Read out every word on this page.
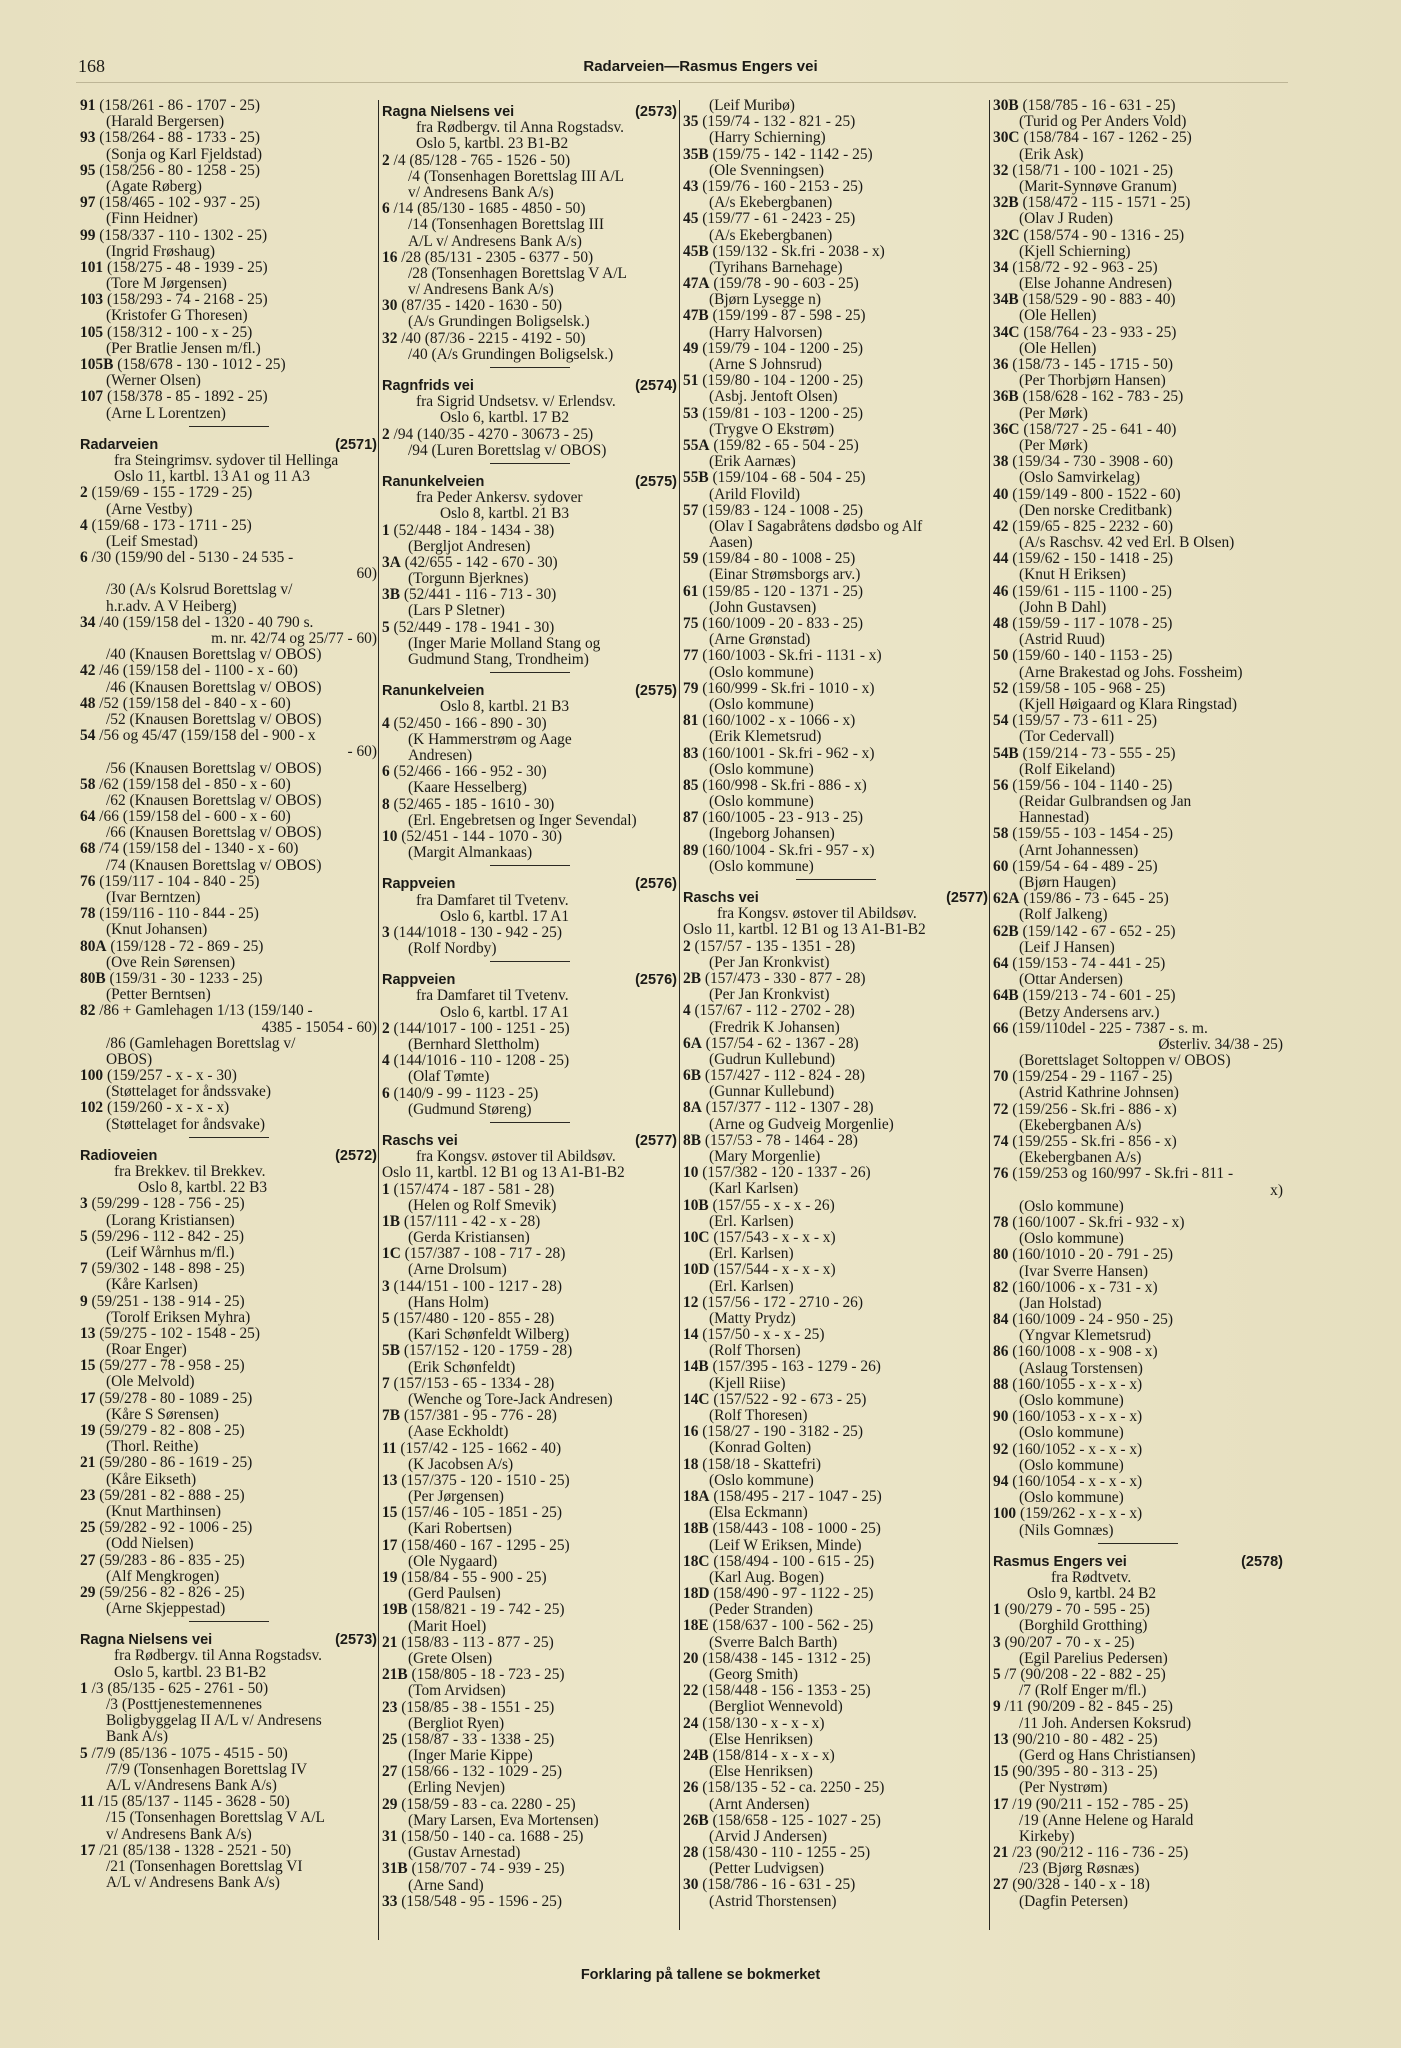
168	Radarveien—Rasmus Engers vei
91 (158/261 - 86 - 1707 - 25)
(Harald Bergersen)
93 (158/264 - 88 - 1733 - 25)
(Sonja og Karl Fjeldstad)
95 (158/256 - 80 - 1258 - 25)
(Agate Røberg)
97 (158/465 - 102 - 937 - 25)
(Finn Heidner)
99 (158/337 - 110 - 1302 - 25)
(Ingrid Frøshaug)
101 (158/275 - 48 - 1939 - 25)
(Tore M Jørgensen)
103 (158/293 - 74 - 2168 - 25)
(Kristofer G Thoresen)
105 (158/312 - 100 - x - 25)
(Per Bratlie Jensen m/fl.)
105B (158/678 - 130 - 1012 - 25)
(Werner Olsen)
107 (158/378 - 85 - 1892 - 25)
(Arne L Lorentzen)
Radarveien	(2571)
fra Steingrimsv. sydover til Hellinga
Oslo 11, kartbl. 13 A1 og 11 A3
2 (159/69 - 155 - 1729 - 25)
(Arne Vestby)
4 (159/68 - 173 - 1711 - 25)
(Leif Smestad)
6 /30 (159/90 del - 5130 - 24 535 -
60)
/30 (A/s Kolsrud Borettslag v/
h.r.adv. A V Heiberg)
34 /40 (159/158 del - 1320 - 40 790 s.
m. nr. 42/74 og 25/77 - 60)
/40 (Knausen Borettslag v/ OBOS)
42 /46 (159/158 del - 1100 - x - 60)
/46 (Knausen Borettslag v/ OBOS)
48 /52 (159/158 del - 840 - x - 60)
/52 (Knausen Borettslag v/ OBOS)
54 /56 og 45/47 (159/158 del - 900 - x
- 60)
/56 (Knausen Borettslag v/ OBOS)
58 /62 (159/158 del - 850 - x - 60)
/62 (Knausen Borettslag v/ OBOS)
64 /66 (159/158 del - 600 - x - 60)
/66 (Knausen Borettslag v/ OBOS)
68 /74 (159/158 del - 1340 - x - 60)
/74 (Knausen Borettslag v/ OBOS)
76 (159/117 - 104 - 840 - 25)
(Ivar Berntzen)
78 (159/116 - 110 - 844 - 25)
(Knut Johansen)
80A (159/128 - 72 - 869 - 25)
(Ove Rein Sørensen)
80B (159/31 - 30 - 1233 - 25)
(Petter Berntsen)
82 /86 + Gamlehagen 1/13 (159/140 -
4385 - 15054 - 60)
/86 (Gamlehagen Borettslag v/
OBOS)
100 (159/257 - x - x - 30)
(Støttelaget for åndssvake)
102 (159/260 - x - x - x)
(Støttelaget for åndsvake)
Radioveien	(2572)
fra Brekkev. til Brekkev.
Oslo 8, kartbl. 22 B3
3 (59/299 - 128 - 756 - 25)
(Lorang Kristiansen)
5 (59/296 - 112 - 842 - 25)
(Leif Wårnhus m/fl.)
7 (59/302 - 148 - 898 - 25)
(Kåre Karlsen)
9 (59/251 - 138 - 914 - 25)
(Torolf Eriksen Myhra)
13 (59/275 - 102 - 1548 - 25)
(Roar Enger)
15 (59/277 - 78 - 958 - 25)
(Ole Melvold)
17 (59/278 - 80 - 1089 - 25)
(Kåre S Sørensen)
19 (59/279 - 82 - 808 - 25)
(Thorl. Reithe)
21 (59/280 - 86 - 1619 - 25)
(Kåre Eikseth)
23 (59/281 - 82 - 888 - 25)
(Knut Marthinsen)
25 (59/282 - 92 - 1006 - 25)
(Odd Nielsen)
27 (59/283 - 86 - 835 - 25)
(Alf Mengkrogen)
29 (59/256 - 82 - 826 - 25)
(Arne Skjeppestad)
Ragna Nielsens vei	(2573)
fra Rødbergv. til Anna Rogstadsv.
Oslo 5, kartbl. 23 B1-B2
1 /3 (85/135 - 625 - 2761 - 50)
/3 (Posttjenestemennenes
Boligbyggelag II A/L v/ Andresens
Bank A/s)
5 /7/9 (85/136 - 1075 - 4515 - 50)
/7/9 (Tonsenhagen Borettslag IV
A/L v/Andresens Bank A/s)
11 /15 (85/137 - 1145 - 3628 - 50)
/15 (Tonsenhagen Borettslag V A/L
v/ Andresens Bank A/s)
17 /21 (85/138 - 1328 - 2521 - 50)
/21 (Tonsenhagen Borettslag VI
A/L v/ Andresens Bank A/s)
Ragna Nielsens vei	(2573)
fra Rødbergv. til Anna Rogstadsv.
Oslo 5, kartbl. 23 B1-B2
2 /4 (85/128 - 765 - 1526 - 50)
/4 (Tonsenhagen Borettslag III A/L
v/ Andresens Bank A/s)
6 /14 (85/130 - 1685 - 4850 - 50)
/14 (Tonsenhagen Borettslag III
A/L v/ Andresens Bank A/s)
16 /28 (85/131 - 2305 - 6377 - 50)
/28 (Tonsenhagen Borettslag V A/L
v/ Andresens Bank A/s)
30 (87/35 - 1420 - 1630 - 50)
(A/s Grundingen Boligselsk.)
32 /40 (87/36 - 2215 - 4192 - 50)
/40 (A/s Grundingen Boligselsk.)
Ragnfrids vei	(2574)
fra Sigrid Undsetsv. v/ Erlendsv.
Oslo 6, kartbl. 17 B2
2 /94 (140/35 - 4270 - 30673 - 25)
/94 (Luren Borettslag v/ OBOS)
Ranunkelveien	(2575)
fra Peder Ankersv. sydover
Oslo 8, kartbl. 21 B3
1 (52/448 - 184 - 1434 - 38)
(Bergljot Andresen)
3A (42/655 - 142 - 670 - 30)
(Torgunn Bjerknes)
3B (52/441 - 116 - 713 - 30)
(Lars P Sletner)
5 (52/449 - 178 - 1941 - 30)
(Inger Marie Molland Stang og
Gudmund Stang, Trondheim)
Ranunkelveien	(2575)
Oslo 8, kartbl. 21 B3
4 (52/450 - 166 - 890 - 30)
(K Hammerstrøm og Aage
Andresen)
6 (52/466 - 166 - 952 - 30)
(Kaare Hesselberg)
8 (52/465 - 185 - 1610 - 30)
(Erl. Engebretsen og Inger Sevendal)
10 (52/451 - 144 - 1070 - 30)
(Margit Almankaas)
Rappveien	(2576)
fra Damfaret til Tvetenv.
Oslo 6, kartbl. 17 A1
3 (144/1018 - 130 - 942 - 25)
(Rolf Nordby)
Rappveien	(2576)
fra Damfaret til Tvetenv.
Oslo 6, kartbl. 17 A1
2 (144/1017 - 100 - 1251 - 25)
(Bernhard Slettholm)
4 (144/1016 - 110 - 1208 - 25)
(Olaf Tømte)
6 (140/9 - 99 - 1123 - 25)
(Gudmund Støreng)
Raschs vei	(2577)
fra Kongsv. østover til Abildsøv.
Oslo 11, kartbl. 12 B1 og 13 A1-B1-B2
1 (157/474 - 187 - 581 - 28)
(Helen og Rolf Smevik)
1B (157/111 - 42 - x - 28)
(Gerda Kristiansen)
1C (157/387 - 108 - 717 - 28)
(Arne Drolsum)
3 (144/151 - 100 - 1217 - 28)
(Hans Holm)
5 (157/480 - 120 - 855 - 28)
(Kari Schønfeldt Wilberg)
5B (157/152 - 120 - 1759 - 28)
(Erik Schønfeldt)
7 (157/153 - 65 - 1334 - 28)
(Wenche og Tore-Jack Andresen)
7B (157/381 - 95 - 776 - 28)
(Aase Eckholdt)
11 (157/42 - 125 - 1662 - 40)
(K Jacobsen A/s)
13 (157/375 - 120 - 1510 - 25)
(Per Jørgensen)
15 (157/46 - 105 - 1851 - 25)
(Kari Robertsen)
17 (158/460 - 167 - 1295 - 25)
(Ole Nygaard)
19 (158/84 - 55 - 900 - 25)
(Gerd Paulsen)
19B (158/821 - 19 - 742 - 25)
(Marit Hoel)
21 (158/83 - 113 - 877 - 25)
(Grete Olsen)
21B (158/805 - 18 - 723 - 25)
(Tom Arvidsen)
23 (158/85 - 38 - 1551 - 25)
(Bergliot Ryen)
25 (158/87 - 33 - 1338 - 25)
(Inger Marie Kippe)
27 (158/66 - 132 - 1029 - 25)
(Erling Nevjen)
29 (158/59 - 83 - ca. 2280 - 25)
(Mary Larsen, Eva Mortensen)
31 (158/50 - 140 - ca. 1688 - 25)
(Gustav Arnestad)
31B (158/707 - 74 - 939 - 25)
(Arne Sand)
33 (158/548 - 95 - 1596 - 25)
(Leif Muribø)
35 (159/74 - 132 - 821 - 25)
(Harry Schierning)
35B (159/75 - 142 - 1142 - 25)
(Ole Svenningsen)
43 (159/76 - 160 - 2153 - 25)
(A/s Ekebergbanen)
45 (159/77 - 61 - 2423 - 25)
(A/s Ekebergbanen)
45B (159/132 - Sk.fri - 2038 - x)
(Tyrihans Barnehage)
47A (159/78 - 90 - 603 - 25)
(Bjørn Lysegge n)
47B (159/199 - 87 - 598 - 25)
(Harry Halvorsen)
49 (159/79 - 104 - 1200 - 25)
(Arne S Johnsrud)
51 (159/80 - 104 - 1200 - 25)
(Asbj. Jentoft Olsen)
53 (159/81 - 103 - 1200 - 25)
(Trygve O Ekstrøm)
55A (159/82 - 65 - 504 - 25)
(Erik Aarnæs)
55B (159/104 - 68 - 504 - 25)
(Arild Flovild)
57 (159/83 - 124 - 1008 - 25)
(Olav I Sagabråtens dødsbo og Alf
Aasen)
59 (159/84 - 80 - 1008 - 25)
(Einar Strømsborgs arv.)
61 (159/85 - 120 - 1371 - 25)
(John Gustavsen)
75 (160/1009 - 20 - 833 - 25)
(Arne Grønstad)
77 (160/1003 - Sk.fri - 1131 - x)
(Oslo kommune)
79 (160/999 - Sk.fri - 1010 - x)
(Oslo kommune)
81 (160/1002 - x - 1066 - x)
(Erik Klemetsrud)
83 (160/1001 - Sk.fri - 962 - x)
(Oslo kommune)
85 (160/998 - Sk.fri - 886 - x)
(Oslo kommune)
87 (160/1005 - 23 - 913 - 25)
(Ingeborg Johansen)
89 (160/1004 - Sk.fri - 957 - x)
(Oslo kommune)
Raschs vei	(2577)
fra Kongsv. østover til Abildsøv.
Oslo 11, kartbl. 12 B1 og 13 A1-B1-B2
2 (157/57 - 135 - 1351 - 28)
(Per Jan Kronkvist)
2B (157/473 - 330 - 877 - 28)
(Per Jan Kronkvist)
4 (157/67 - 112 - 2702 - 28)
(Fredrik K Johansen)
6A (157/54 - 62 - 1367 - 28)
(Gudrun Kullebund)
6B (157/427 - 112 - 824 - 28)
(Gunnar Kullebund)
8A (157/377 - 112 - 1307 - 28)
(Arne og Gudveig Morgenlie)
8B (157/53 - 78 - 1464 - 28)
(Mary Morgenlie)
10 (157/382 - 120 - 1337 - 26)
(Karl Karlsen)
10B (157/55 - x - x - 26)
(Erl. Karlsen)
10C (157/543 - x - x - x)
(Erl. Karlsen)
10D (157/544 - x - x - x)
(Erl. Karlsen)
12 (157/56 - 172 - 2710 - 26)
(Matty Prydz)
14 (157/50 - x - x - 25)
(Rolf Thorsen)
14B (157/395 - 163 - 1279 - 26)
(Kjell Riise)
14C (157/522 - 92 - 673 - 25)
(Rolf Thoresen)
16 (158/27 - 190 - 3182 - 25)
(Konrad Golten)
18 (158/18 - Skattefri)
(Oslo kommune)
18A (158/495 - 217 - 1047 - 25)
(Elsa Eckmann)
18B (158/443 - 108 - 1000 - 25)
(Leif W Eriksen, Minde)
18C (158/494 - 100 - 615 - 25)
(Karl Aug. Bogen)
18D (158/490 - 97 - 1122 - 25)
(Peder Stranden)
18E (158/637 - 100 - 562 - 25)
(Sverre Balch Barth)
20 (158/438 - 145 - 1312 - 25)
(Georg Smith)
22 (158/448 - 156 - 1353 - 25)
(Bergliot Wennevold)
24 (158/130 - x - x - x)
(Else Henriksen)
24B (158/814 - x - x - x)
(Else Henriksen)
26 (158/135 - 52 - ca. 2250 - 25)
(Arnt Andersen)
26B (158/658 - 125 - 1027 - 25)
(Arvid J Andersen)
28 (158/430 - 110 - 1255 - 25)
(Petter Ludvigsen)
30 (158/786 - 16 - 631 - 25)
(Astrid Thorstensen)
30B (158/785 - 16 - 631 - 25)
(Turid og Per Anders Vold)
30C (158/784 - 167 - 1262 - 25)
(Erik Ask)
32 (158/71 - 100 - 1021 - 25)
(Marit-Synnøve Granum)
32B (158/472 - 115 - 1571 - 25)
(Olav J Ruden)
32C (158/574 - 90 - 1316 - 25)
(Kjell Schierning)
34 (158/72 - 92 - 963 - 25)
(Else Johanne Andresen)
34B (158/529 - 90 - 883 - 40)
(Ole Hellen)
34C (158/764 - 23 - 933 - 25)
(Ole Hellen)
36 (158/73 - 145 - 1715 - 50)
(Per Thorbjørn Hansen)
36B (158/628 - 162 - 783 - 25)
(Per Mørk)
36C (158/727 - 25 - 641 - 40)
(Per Mørk)
38 (159/34 - 730 - 3908 - 60)
(Oslo Samvirkelag)
40 (159/149 - 800 - 1522 - 60)
(Den norske Creditbank)
42 (159/65 - 825 - 2232 - 60)
(A/s Raschsv. 42 ved Erl. B Olsen)
44 (159/62 - 150 - 1418 - 25)
(Knut H Eriksen)
46 (159/61 - 115 - 1100 - 25)
(John B Dahl)
48 (159/59 - 117 - 1078 - 25)
(Astrid Ruud)
50 (159/60 - 140 - 1153 - 25)
(Arne Brakestad og Johs. Fossheim)
52 (159/58 - 105 - 968 - 25)
(Kjell Høigaard og Klara Ringstad)
54 (159/57 - 73 - 611 - 25)
(Tor Cedervall)
54B (159/214 - 73 - 555 - 25)
(Rolf Eikeland)
56 (159/56 - 104 - 1140 - 25)
(Reidar Gulbrandsen og Jan
Hannestad)
58 (159/55 - 103 - 1454 - 25)
(Arnt Johannessen)
60 (159/54 - 64 - 489 - 25)
(Bjørn Haugen)
62A (159/86 - 73 - 645 - 25)
(Rolf Jalkeng)
62B (159/142 - 67 - 652 - 25)
(Leif J Hansen)
64 (159/153 - 74 - 441 - 25)
(Ottar Andersen)
64B (159/213 - 74 - 601 - 25)
(Betzy Andersens arv.)
66 (159/110del - 225 - 7387 - s. m.
Østerliv. 34/38 - 25)
(Borettslaget Soltoppen v/ OBOS)
70 (159/254 - 29 - 1167 - 25)
(Astrid Kathrine Johnsen)
72 (159/256 - Sk.fri - 886 - x)
(Ekebergbanen A/s)
74 (159/255 - Sk.fri - 856 - x)
(Ekebergbanen A/s)
76 (159/253 og 160/997 - Sk.fri - 811 -
x)
(Oslo kommune)
78 (160/1007 - Sk.fri - 932 - x)
(Oslo kommune)
80 (160/1010 - 20 - 791 - 25)
(Ivar Sverre Hansen)
82 (160/1006 - x - 731 - x)
(Jan Holstad)
84 (160/1009 - 24 - 950 - 25)
(Yngvar Klemetsrud)
86 (160/1008 - x - 908 - x)
(Aslaug Torstensen)
88 (160/1055 - x - x - x)
(Oslo kommune)
90 (160/1053 - x - x - x)
(Oslo kommune)
92 (160/1052 - x - x - x)
(Oslo kommune)
94 (160/1054 - x - x - x)
(Oslo kommune)
100 (159/262 - x - x - x)
(Nils Gomnæs)
Rasmus Engers vei	(2578)
fra Rødtvetv.
Oslo 9, kartbl. 24 B2
1 (90/279 - 70 - 595 - 25)
(Borghild Grotthing)
3 (90/207 - 70 - x - 25)
(Egil Parelius Pedersen)
5 /7 (90/208 - 22 - 882 - 25)
/7 (Rolf Enger m/fl.)
9 /11 (90/209 - 82 - 845 - 25)
/11 Joh. Andersen Koksrud)
13 (90/210 - 80 - 482 - 25)
(Gerd og Hans Christiansen)
15 (90/395 - 80 - 313 - 25)
(Per Nystrøm)
17 /19 (90/211 - 152 - 785 - 25)
/19 (Anne Helene og Harald
Kirkeby)
21 /23 (90/212 - 116 - 736 - 25)
/23 (Bjørg Røsnæs)
27 (90/328 - 140 - x - 18)
(Dagfin Petersen)
Forklaring på tallene se bokmerket
